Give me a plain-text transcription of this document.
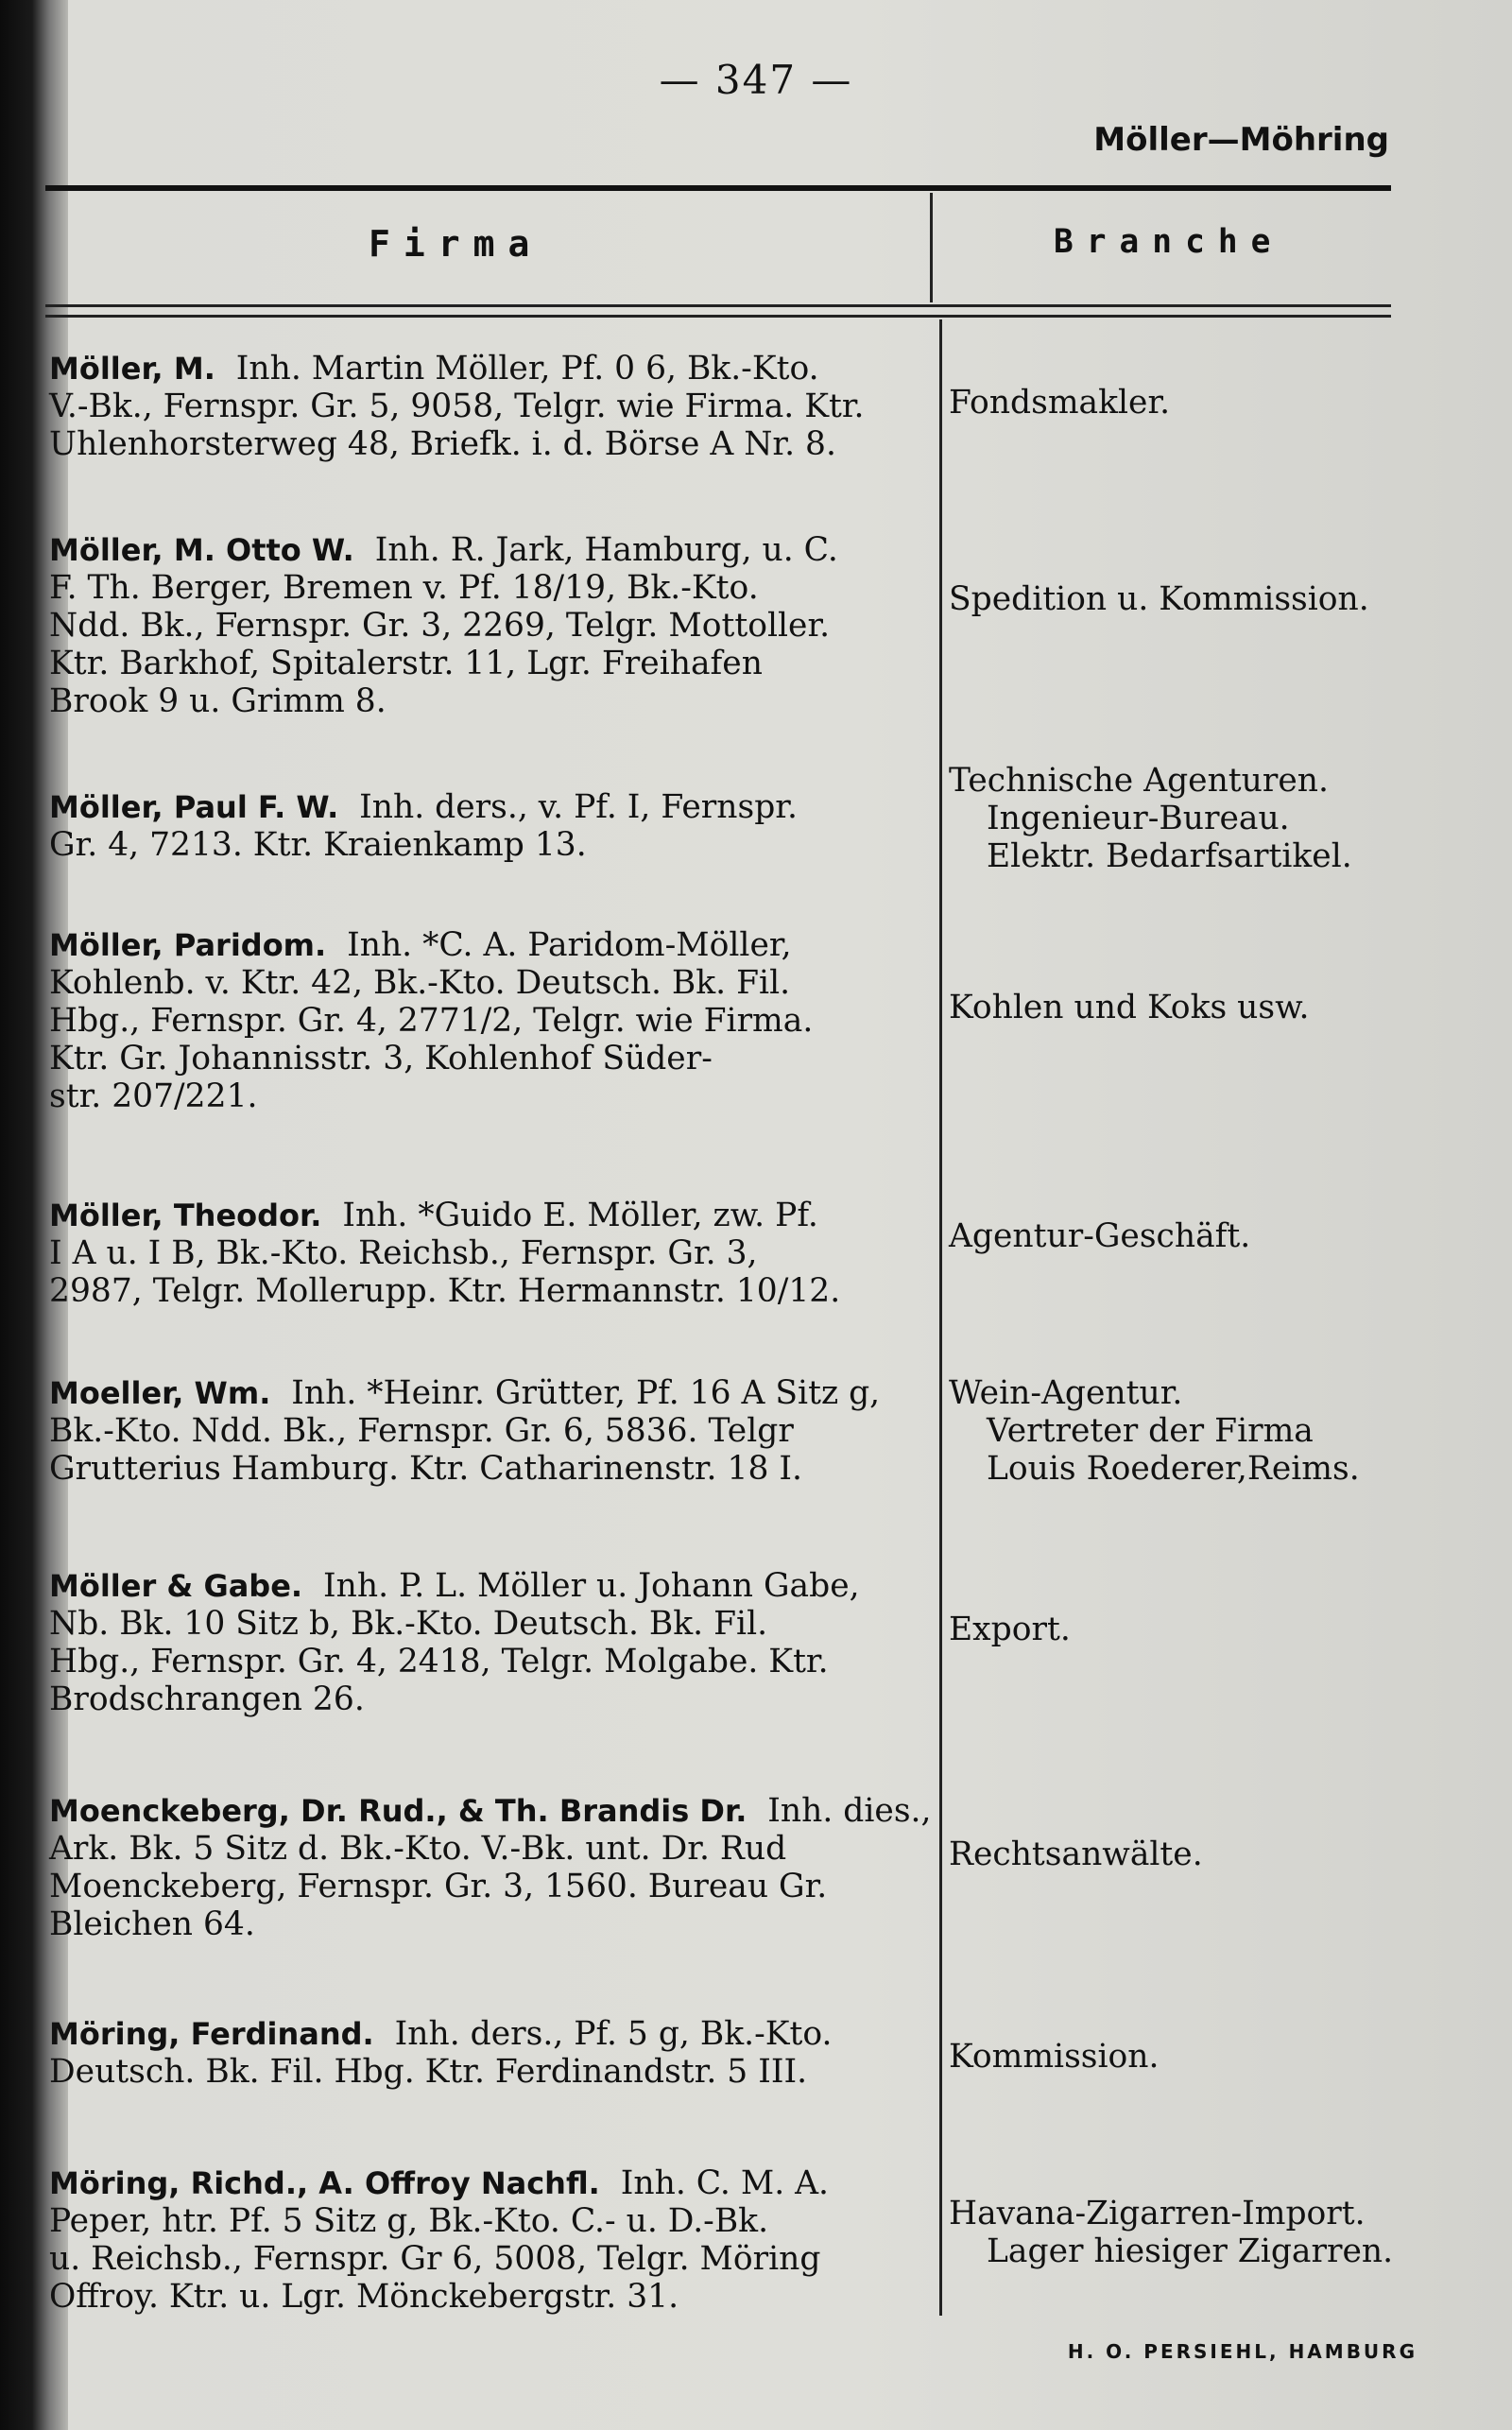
— 347 —
Möller—Möhring
Firma	Branche
Möller, M. Inh. Martin Möller, Pf. 0 6, Bk.-Kto.
V.-Bk., Fernspr. Gr. 5, 9058, Telgr. wie Firma. Ktr.
Uhlenhorsterweg 48, Briefk. i. d. Börse A Nr. 8.
Fondsmakler.
Möller, M. Otto W. Inh. R. Jark, Hamburg, u. C.
F. Th. Berger, Bremen v. Pf. 18/19, Bk.-Kto.
Ndd. Bk., Fernspr. Gr. 3, 2269, Telgr. Mottoller.
Ktr. Barkhof, Spitalerstr. 11, Lgr. Freihafen
Brook 9 u. Grimm 8.
Spedition u. Kommission.
Möller, Paul F. W. Inh. ders., v. Pf. I, Fernspr.
Gr. 4, 7213. Ktr. Kraienkamp 13.
Technische Agenturen.
Ingenieur-Bureau.
Elektr. Bedarfsartikel.
Möller, Paridom. Inh. *C. A. Paridom-Möller,
Kohlenb. v. Ktr. 42, Bk.-Kto. Deutsch. Bk. Fil.
Hbg., Fernspr. Gr. 4, 2771/2, Telgr. wie Firma.
Ktr. Gr. Johannisstr. 3, Kohlenhof Süder-
str. 207/221.
Kohlen und Koks usw.
Möller, Theodor. Inh. *Guido E. Möller, zw. Pf.
I A u. I B, Bk.-Kto. Reichsb., Fernspr. Gr. 3,
2987, Telgr. Mollerupp. Ktr. Hermannstr. 10/12.
Agentur-Geschäft.
Moeller, Wm. Inh. *Heinr. Grütter, Pf. 16 A Sitz g,
Bk.-Kto. Ndd. Bk., Fernspr. Gr. 6, 5836. Telgr
Grutterius Hamburg. Ktr. Catharinenstr. 18 I.
Wein-Agentur.
Vertreter der Firma
Louis Roederer,Reims.
Möller & Gabe. Inh. P. L. Möller u. Johann Gabe,
Nb. Bk. 10 Sitz b, Bk.-Kto. Deutsch. Bk. Fil.
Hbg., Fernspr. Gr. 4, 2418, Telgr. Molgabe. Ktr.
Brodschrangen 26.
Export.
Moenckeberg, Dr. Rud., & Th. Brandis Dr. Inh. dies.,
Ark. Bk. 5 Sitz d. Bk.-Kto. V.-Bk. unt. Dr. Rud
Moenckeberg, Fernspr. Gr. 3, 1560. Bureau Gr.
Bleichen 64.
Rechtsanwälte.
Möring, Ferdinand. Inh. ders., Pf. 5 g, Bk.-Kto.
Deutsch. Bk. Fil. Hbg. Ktr. Ferdinandstr. 5 III.	Kommission.
Möring, Richd., A. Offroy Nachfl. Inh. C. M. A.
Peper, htr. Pf. 5 Sitz g, Bk.-Kto. C.- u. D.-Bk.
u. Reichsb., Fernspr. Gr 6, 5008, Telgr. Möring
Offroy. Ktr. u. Lgr. Mönckebergstr. 31.
Havana-Zigarren-Import.
Lager hiesiger Zigarren.
H. O. PERSIEHL, HAMBURG
